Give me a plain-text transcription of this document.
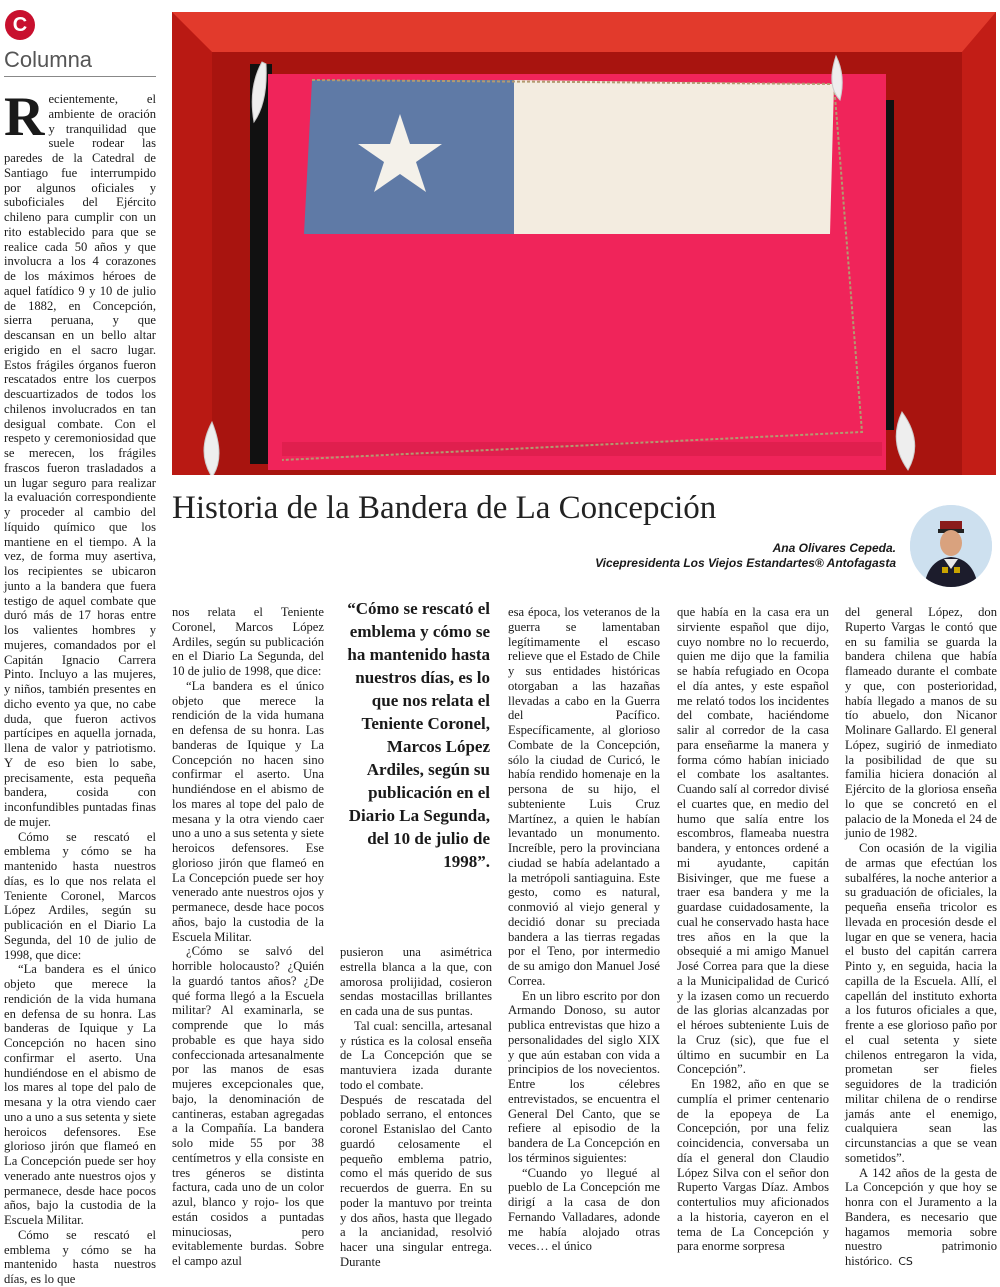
C
Columna

Recientemente, el ambiente de oración y tranquilidad que suele rodear las paredes de la Catedral de Santiago fue interrumpido por algunos oficiales y suboficiales del Ejército chileno para cumplir con un rito establecido para que se realice cada 50 años y que involucra a los 4 corazones de los máximos héroes de aquel fatídico 9 y 10 de julio de 1882, en Concepción, sierra peruana, y que descansan en un bello altar erigido en el sacro lugar. Estos frágiles órganos fueron rescatados entre los cuerpos descuartizados de todos los chilenos involucrados en tan desigual combate. Con el respeto y ceremoniosidad que se merecen, los frágiles frascos fueron trasladados a un lugar seguro para realizar la evaluación correspondiente y proceder al cambio del líquido químico que los mantiene en el tiempo. A la vez, de forma muy asertiva, los recipientes se ubicaron junto a la bandera que fuera testigo de aquel combate que duró más de 17 horas entre los valientes hombres y mujeres, comandados por el Capitán Ignacio Carrera Pinto. Incluyo a las mujeres, y niños, también presentes en dicho evento ya que, no cabe duda, que fueron activos partícipes en aquella jornada, llena de valor y patriotismo. Y de eso bien lo sabe, precisamente, esta pequeña bandera, cosida con inconfundibles puntadas finas de mujer.

Cómo se rescató el emblema y cómo se ha mantenido hasta nuestros días, es lo que nos relata el Teniente Coronel, Marcos López Ardiles, según su publicación en el Diario La Segunda, del 10 de julio de 1998, que dice:

“La bandera es el único objeto que merece la rendición de la vida humana en defensa de su honra. Las banderas de Iquique y La Concepción no hacen sino confirmar el aserto. Una hundiéndose en el abismo de los mares al tope del palo de mesana y la otra viendo caer uno a uno a sus setenta y siete heroicos defensores. Ese glorioso jirón que flameó en La Concepción puede ser hoy venerado ante nuestros ojos y permanece, desde hace pocos años, bajo la custodia de la Escuela Militar.

Cómo se rescató el emblema y cómo se ha mantenido hasta nuestros días, es lo que

Historia de la Bandera de La Concepción
Ana Olivares Cepeda.
Vicepresidenta Los Viejos Estandartes® Antofagasta

nos relata el Teniente Coronel, Marcos López Ardiles, según su publicación en el Diario La Segunda, del 10 de julio de 1998, que dice:

“La bandera es el único objeto que merece la rendición de la vida humana en defensa de su honra. Las banderas de Iquique y La Concepción no hacen sino confirmar el aserto. Una hundiéndose en el abismo de los mares al tope del palo de mesana y la otra viendo caer uno a uno a sus setenta y siete heroicos defensores. Ese glorioso jirón que flameó en La Concepción puede ser hoy venerado ante nuestros ojos y permanece, desde hace pocos años, bajo la custodia de la Escuela Militar.

¿Cómo se salvó del horrible holocausto? ¿Quién la guardó tantos años? ¿De qué forma llegó a la Escuela militar? Al examinarla, se comprende que lo más probable es que haya sido confeccionada artesanalmente por las manos de esas mujeres excepcionales que, bajo, la denominación de cantineras, estaban agregadas a la Compañía. La bandera solo mide 55 por 38 centímetros y ella consiste en tres géneros se distinta factura, cada uno de un color azul, blanco y rojo- los que están cosidos a puntadas minuciosas, pero evitablemente burdas. Sobre el campo azul

“Cómo se rescató el emblema y cómo se ha mantenido hasta nuestros días, es lo que nos relata el Teniente Coronel, Marcos López Ardiles, según su publicación en el Diario La Segunda, del 10 de julio de 1998”.

pusieron una asimétrica estrella blanca a la que, con amorosa prolijidad, cosieron sendas mostacillas brillantes en cada una de sus puntas.

Tal cual: sencilla, artesanal y rústica es la colosal enseña de La Concepción que se mantuviera izada durante todo el combate.

Después de rescatada del poblado serrano, el entonces coronel Estanislao del Canto guardó celosamente el pequeño emblema patrio, como el más querido de sus recuerdos de guerra. En su poder la mantuvo por treinta y dos años, hasta que llegado a la ancianidad, resolvió hacer una singular entrega. Durante

esa época, los veteranos de la guerra se lamentaban legítimamente el escaso relieve que el Estado de Chile y sus entidades históricas otorgaban a las hazañas llevadas a cabo en la Guerra del Pacífico. Específicamente, al glorioso Combate de la Concepción, sólo la ciudad de Curicó, le había rendido homenaje en la persona de su hijo, el subteniente Luis Cruz Martínez, a quien le habían levantado un monumento. Increíble, pero la provinciana ciudad se había adelantado a la metrópoli santiaguina. Este gesto, como es natural, conmovió al viejo general y decidió donar su preciada bandera a las tierras regadas por el Teno, por intermedio de su amigo don Manuel José Correa.

En un libro escrito por don Armando Donoso, su autor publica entrevistas que hizo a personalidades del siglo XIX y que aún estaban con vida a principios de los novecientos. Entre los célebres entrevistados, se encuentra el General Del Canto, que se refiere al episodio de la bandera de La Concepción en los términos siguientes:

“Cuando yo llegué al pueblo de La Concepción me dirigí a la casa de don Fernando Valladares, adonde me había alojado otras veces… el único

que había en la casa era un sirviente español que dijo, cuyo nombre no lo recuerdo, quien me dijo que la familia se había refugiado en Ocopa el día antes, y este español me relató todos los incidentes del combate, haciéndome salir al corredor de la casa para enseñarme la manera y forma cómo habían iniciado el combate los asaltantes. Cuando salí al corredor divisé el cuartes que, en medio del humo que salía entre los escombros, flameaba nuestra bandera, y entonces ordené a mi ayudante, capitán Bisivinger, que me fuese a traer esa bandera y me la guardase cuidadosamente, la cual he conservado hasta hace tres años en la que la obsequié a mi amigo Manuel José Correa para que la diese a la Municipalidad de Curicó y la izasen como un recuerdo de las glorias alcanzadas por el héroes subteniente Luis de la Cruz (sic), que fue el último en sucumbir en La Concepción”.

En 1982, año en que se cumplía el primer centenario de la epopeya de La Concepción, por una feliz coincidencia, conversaba un día el general don Claudio López Silva con el señor don Ruperto Vargas Díaz. Ambos contertulios muy aficionados a la historia, cayeron en el tema de La Concepción y para enorme sorpresa

del general López, don Ruperto Vargas le contó que en su familia se guarda la bandera chilena que había flameado durante el combate y que, con posterioridad, había llegado a manos de su tío abuelo, don Nicanor Molinare Gallardo. El general López, sugirió de inmediato la posibilidad de que su familia hiciera donación al Ejército de la gloriosa enseña lo que se concretó en el palacio de la Moneda el 24 de junio de 1982.

Con ocasión de la vigilia de armas que efectúan los subalféres, la noche anterior a su graduación de oficiales, la pequeña enseña tricolor es llevada en procesión desde el lugar en que se venera, hacia el busto del capitán carrera Pinto y, en seguida, hacia la capilla de la Escuela. Allí, el capellán del instituto exhorta a los futuros oficiales a que, frente a ese glorioso paño por el cual setenta y siete chilenos entregaron la vida, prometan ser fieles seguidores de la tradición militar chilena de o rendirse jamás ante el enemigo, cualquiera sean las circunstancias a que se vean sometidos”.

A 142 años de la gesta de La Concepción y que hoy se honra con el Juramento a la Bandera, es necesario que hagamos memoria sobre nuestro patrimonio histórico. CS
